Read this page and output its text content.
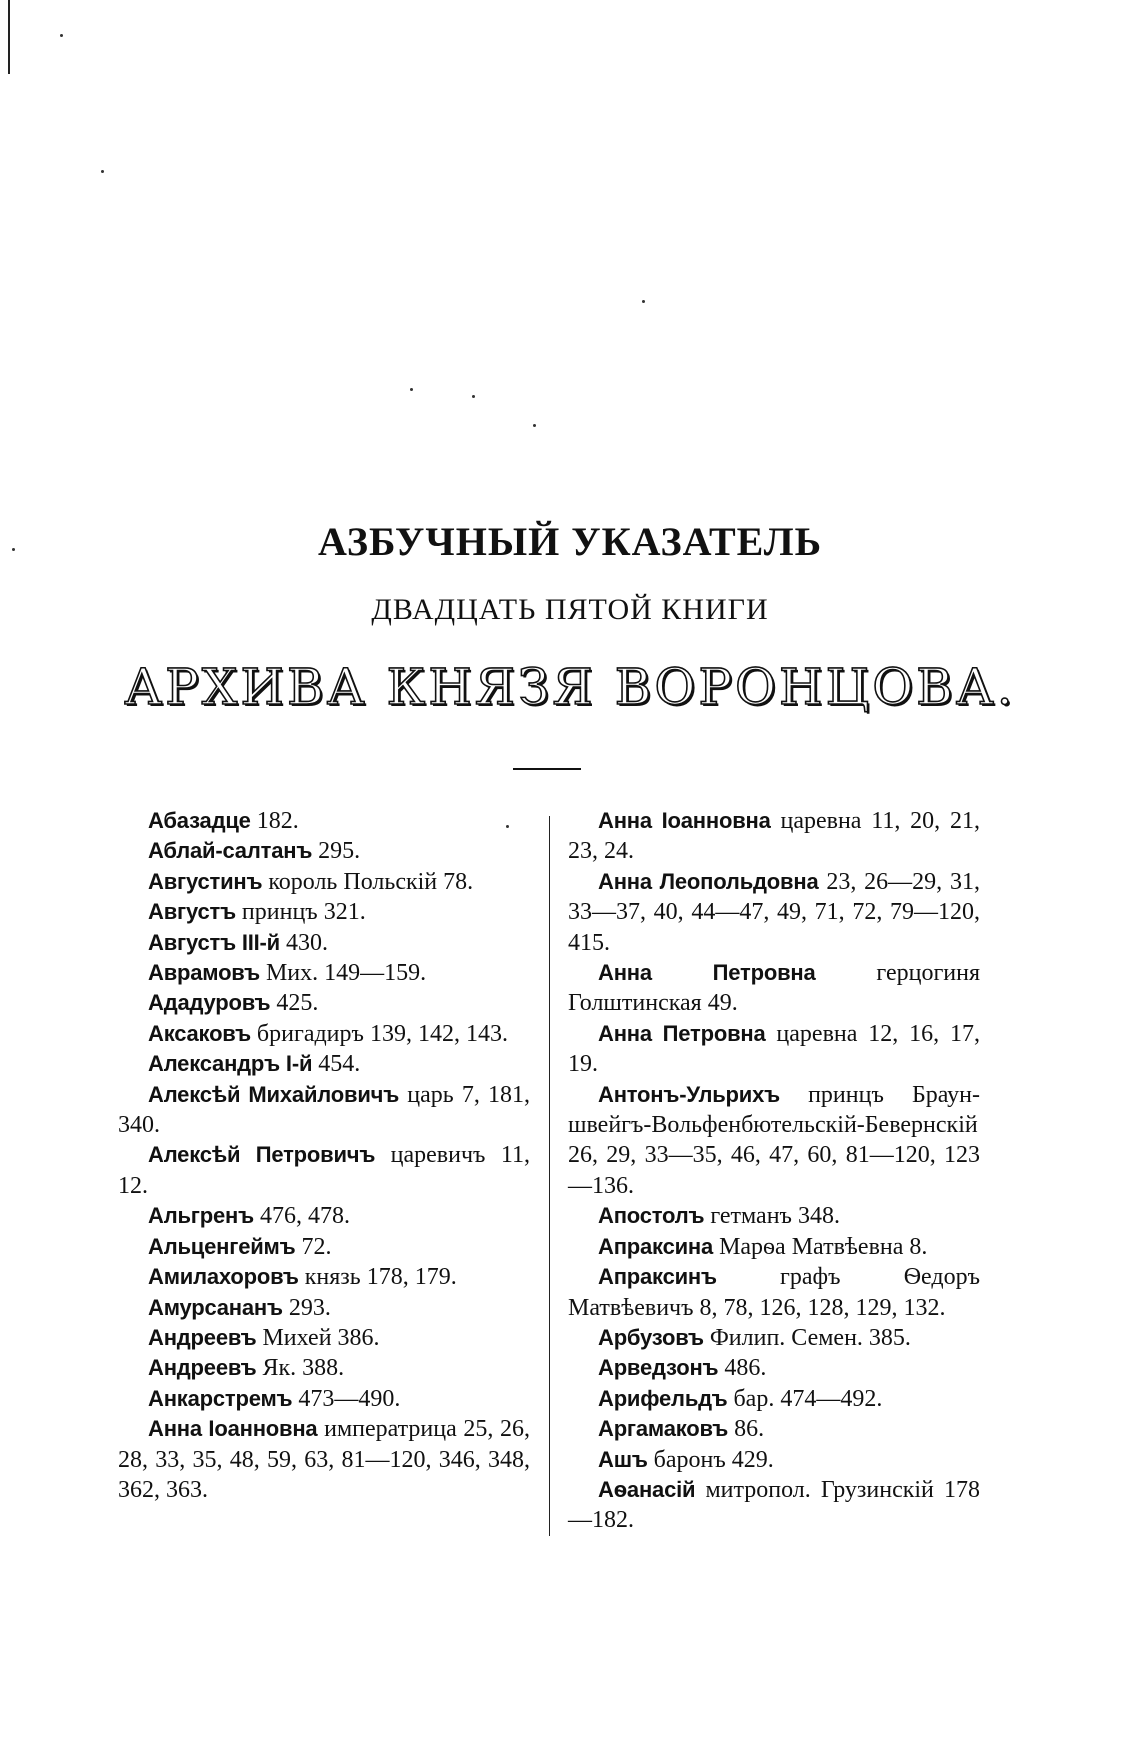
АЗБУЧНЫЙ УКАЗАТЕЛЬ
ДВАДЦАТЬ ПЯТОЙ КНИГИ
АРХИВА КНЯЗЯ ВОРОНЦОВА.

Абазадце 182.

Аблай-салтанъ 295.

Августинъ король Польскій 78.

Августъ принцъ 321.

Августъ III-й 430.

Аврамовъ Мих. 149—159.

Ададуровъ 425.

Аксаковъ бригадиръ 139, 142, 143.

Александръ I-й 454.

Алексѣй Михайловичъ царь 7, 181, 340.

Алексѣй Петровичъ царевичъ 11, 12.

Альгренъ 476, 478.

Альценгеймъ 72.

Амилахоровъ князь 178, 179.

Амурсананъ 293.

Андреевъ Михей 386.

Андреевъ Як. 388.

Анкарстремъ 473—490.

Анна Іоанновна императрица 25, 26, 28, 33, 35, 48, 59, 63, 81—120, 346, 348, 362, 363.

Анна Іоанновна царевна 11, 20, 21, 23, 24.

Анна Леопольдовна 23, 26—29, 31, 33—37, 40, 44—47, 49, 71, 72, 79—120, 415.

Анна Петровна герцогиня Голштинская 49.

Анна Петровна царевна 12, 16, 17, 19.

Антонъ-Ульрихъ принцъ Брауншвейгъ-Вольфенбютельскій-Бевернскій 26, 29, 33—35, 46, 47, 60, 81—120, 123—136.

Апостолъ гетманъ 348.

Апраксина Марѳа Матвѣевна 8.

Апраксинъ графъ Ѳедоръ Матвѣевичъ 8, 78, 126, 128, 129, 132.

Арбузовъ Филип. Семен. 385.

Арведзонъ 486.

Арифельдъ бар. 474—492.

Аргамаковъ 86.

Ашъ баронъ 429.

Аѳанасій митропол. Грузинскій 178—182.
